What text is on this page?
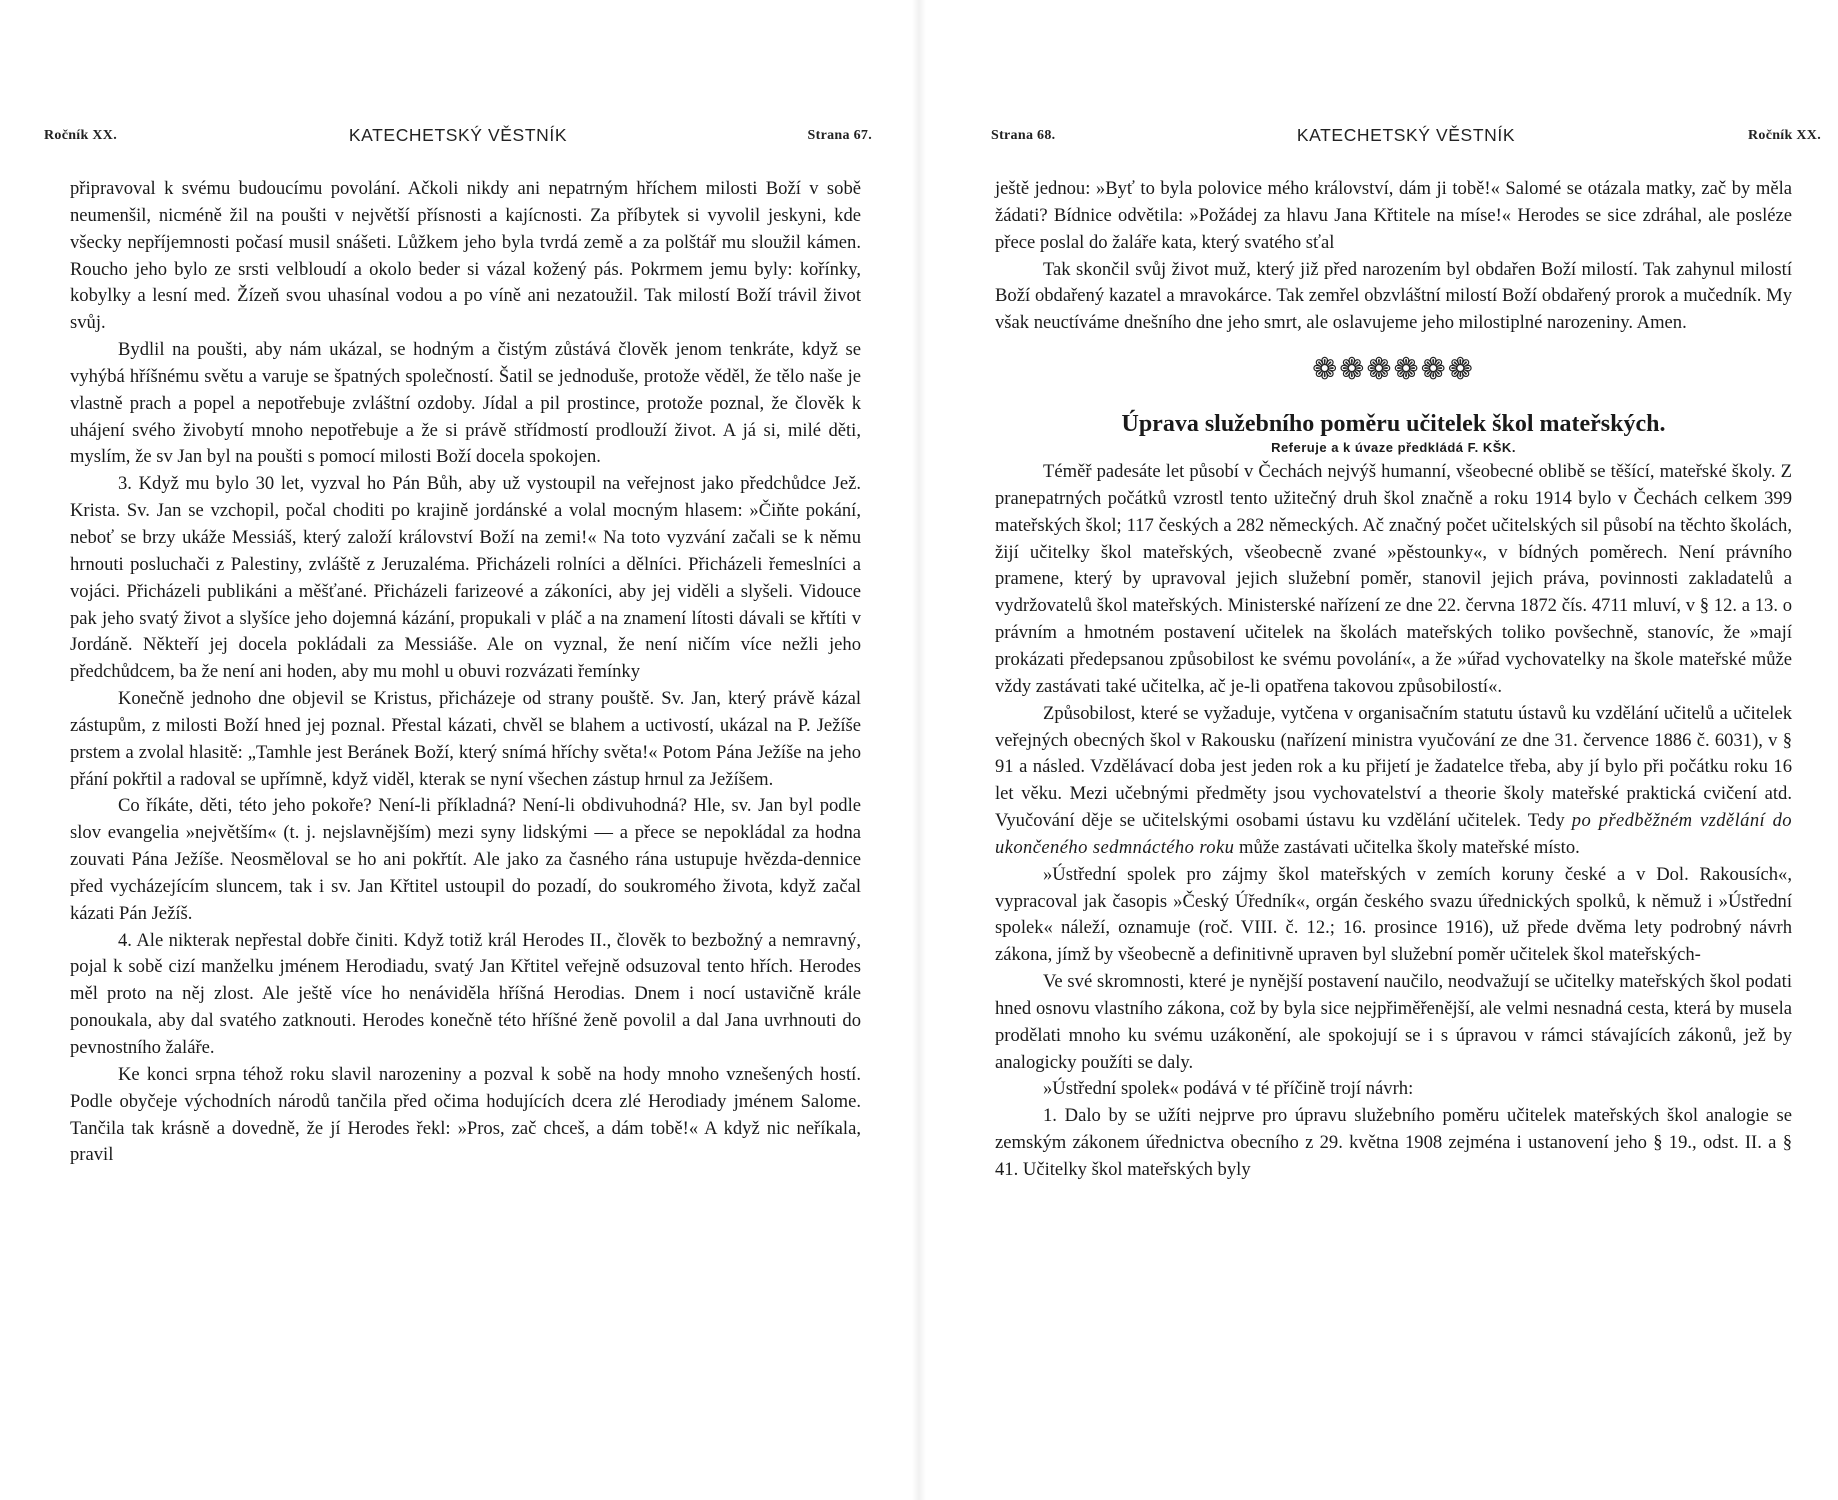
Ročník XX.	KATECHETSKÝ VĚSTNÍK	Strana 67.

připravoval k svému budoucímu povolání. Ačkoli nikdy ani nepatrným hříchem milosti Boží v sobě neumenšil, nicméně žil na poušti v největší přísnosti a kajícnosti. Za příbytek si vyvolil jeskyni, kde všecky nepříjemnosti počasí musil snášeti. Lůžkem jeho byla tvrdá země a za polštář mu sloužil kámen. Roucho jeho bylo ze srsti velbloudí a okolo beder si vázal kožený pás. Pokrmem jemu byly: kořínky, kobylky a lesní med. Žízeň svou uhasínal vodou a po víně ani nezatoužil. Tak milostí Boží trávil život svůj.

Bydlil na poušti, aby nám ukázal, se hodným a čistým zůstává člověk jenom tenkráte, když se vyhýbá hříšnému světu a varuje se špatných společností. Šatil se jednoduše, protože věděl, že tělo naše je vlastně prach a popel a nepotřebuje zvláštní ozdoby. Jídal a pil prostince, protože poznal, že člověk k uhájení svého živobytí mnoho nepotřebuje a že si právě střídmostí prodlouží život. A já si, milé děti, myslím, že sv Jan byl na poušti s pomocí milosti Boží docela spokojen.

3. Když mu bylo 30 let, vyzval ho Pán Bůh, aby už vystoupil na veřejnost jako předchůdce Jež. Krista. Sv. Jan se vzchopil, počal choditi po krajině jordánské a volal mocným hlasem: »Čiňte pokání, neboť se brzy ukáže Messiáš, který založí království Boží na zemi!« Na toto vyzvání začali se k němu hrnouti posluchači z Palestiny, zvláště z Jeruzaléma. Přicházeli rolníci a dělníci. Přicházeli řemeslníci a vojáci. Přicházeli publikáni a měšťané. Přicházeli farizeové a zákoníci, aby jej viděli a slyšeli. Vidouce pak jeho svatý život a slyšíce jeho dojemná kázání, propukali v pláč a na znamení lítosti dávali se křtíti v Jordáně. Někteří jej docela pokládali za Messiáše. Ale on vyznal, že není ničím více nežli jeho předchůdcem, ba že není ani hoden, aby mu mohl u obuvi rozvázati řemínky

Konečně jednoho dne objevil se Kristus, přicházeje od strany pouště. Sv. Jan, který právě kázal zástupům, z milosti Boží hned jej poznal. Přestal kázati, chvěl se blahem a uctivostí, ukázal na P. Ježíše prstem a zvolal hlasitě: „Tamhle jest Beránek Boží, který snímá hříchy světa!« Potom Pána Ježíše na jeho přání pokřtil a radoval se upřímně, když viděl, kterak se nyní všechen zástup hrnul za Ježíšem.

Co říkáte, děti, této jeho pokoře? Není-li příkladná? Není-li obdivuhodná? Hle, sv. Jan byl podle slov evangelia »největším« (t. j. nejslavnějším) mezi syny lidskými — a přece se nepokládal za hodna zouvati Pána Ježíše. Neosměloval se ho ani pokřtít. Ale jako za časného rána ustupuje hvězda-dennice před vycházejícím sluncem, tak i sv. Jan Křtitel ustoupil do pozadí, do soukromého života, když začal kázati Pán Ježíš.

4. Ale nikterak nepřestal dobře činiti. Když totiž král Herodes II., člověk to bezbožný a nemravný, pojal k sobě cizí manželku jménem Herodiadu, svatý Jan Křtitel veřejně odsuzoval tento hřích. Herodes měl proto na něj zlost. Ale ještě více ho nenáviděla hříšná Herodias. Dnem i nocí ustavičně krále ponoukala, aby dal svatého zatknouti. Herodes konečně této hříšné ženě povolil a dal Jana uvrhnouti do pevnostního žaláře.

Ke konci srpna téhož roku slavil narozeniny a pozval k sobě na hody mnoho vznešených hostí. Podle obyčeje východních národů tančila před očima hodujících dcera zlé Herodiady jménem Salome. Tančila tak krásně a dovedně, že jí Herodes řekl: »Pros, zač chceš, a dám tobě!« A když nic neříkala, pravil

Strana 68.	KATECHETSKÝ VĚSTNÍK	Ročník XX.

ještě jednou: »Byť to byla polovice mého království, dám ji tobě!« Salomé se otázala matky, zač by měla žádati? Bídnice odvětila: »Požádej za hlavu Jana Křtitele na míse!« Herodes se sice zdráhal, ale posléze přece poslal do žaláře kata, který svatého sťal

Tak skončil svůj život muž, který již před narozením byl obdařen Boží milostí. Tak zahynul milostí Boží obdařený kazatel a mravokárce. Tak zemřel obzvláštní milostí Boží obdařený prorok a mučedník. My však neuctíváme dnešního dne jeho smrt, ale oslavujeme jeho milostiplné narozeniny. Amen.

❁❁❁❁❁❁
Úprava služebního poměru učitelek škol mateřských.
Referuje a k úvaze předkládá F. KŠK.

Téměř padesáte let působí v Čechách nejvýš humanní, všeobecné oblibě se těšící, mateřské školy. Z pranepatrných počátků vzrostl tento užitečný druh škol značně a roku 1914 bylo v Čechách celkem 399 mateřských škol; 117 českých a 282 německých. Ač značný počet učitelských sil působí na těchto školách, žijí učitelky škol mateřských, všeobecně zvané »pěstounky«, v bídných poměrech. Není právního pramene, který by upravoval jejich služební poměr, stanovil jejich práva, povinnosti zakladatelů a vydržovatelů škol mateřských. Ministerské nařízení ze dne 22. června 1872 čís. 4711 mluví, v § 12. a 13. o právním a hmotném postavení učitelek na školách mateřských toliko povšechně, stanovíc, že »mají prokázati předepsanou způsobilost ke svému povolání«, a že »úřad vychovatelky na škole mateřské může vždy zastávati také učitelka, ač je-li opatřena takovou způsobilostí«.

Způsobilost, které se vyžaduje, vytčena v organisačním statutu ústavů ku vzdělání učitelů a učitelek veřejných obecných škol v Rakousku (nařízení ministra vyučování ze dne 31. července 1886 č. 6031), v § 91 a násled. Vzdělávací doba jest jeden rok a ku přijetí je žadatelce třeba, aby jí bylo při počátku roku 16 let věku. Mezi učebnými předměty jsou vychovatelství a theorie školy mateřské praktická cvičení atd. Vyučování děje se učitelskými osobami ústavu ku vzdělání učitelek. Tedy po předběžném vzdělání do ukončeného sedmnáctého roku může zastávati učitelka školy mateřské místo.

»Ústřední spolek pro zájmy škol mateřských v zemích koruny české a v Dol. Rakousích«, vypracoval jak časopis »Český Úředník«, orgán českého svazu úřednických spolků, k němuž i »Ústřední spolek« náleží, oznamuje (roč. VIII. č. 12.; 16. prosince 1916), už přede dvěma lety podrobný návrh zákona, jímž by všeobecně a definitivně upraven byl služební poměr učitelek škol mateřských-

Ve své skromnosti, které je nynější postavení naučilo, neodvažují se učitelky mateřských škol podati hned osnovu vlastního zákona, což by byla sice nejpřiměřenější, ale velmi nesnadná cesta, která by musela prodělati mnoho ku svému uzákonění, ale spokojují se i s úpravou v rámci stávajících zákonů, jež by analogicky použíti se daly.

»Ústřední spolek« podává v té příčině trojí návrh:

1. Dalo by se užíti nejprve pro úpravu služebního poměru učitelek mateřských škol analogie se zemským zákonem úřednictva obecního z 29. května 1908 zejména i ustanovení jeho § 19., odst. II. a § 41. Učitelky škol mateřských byly
